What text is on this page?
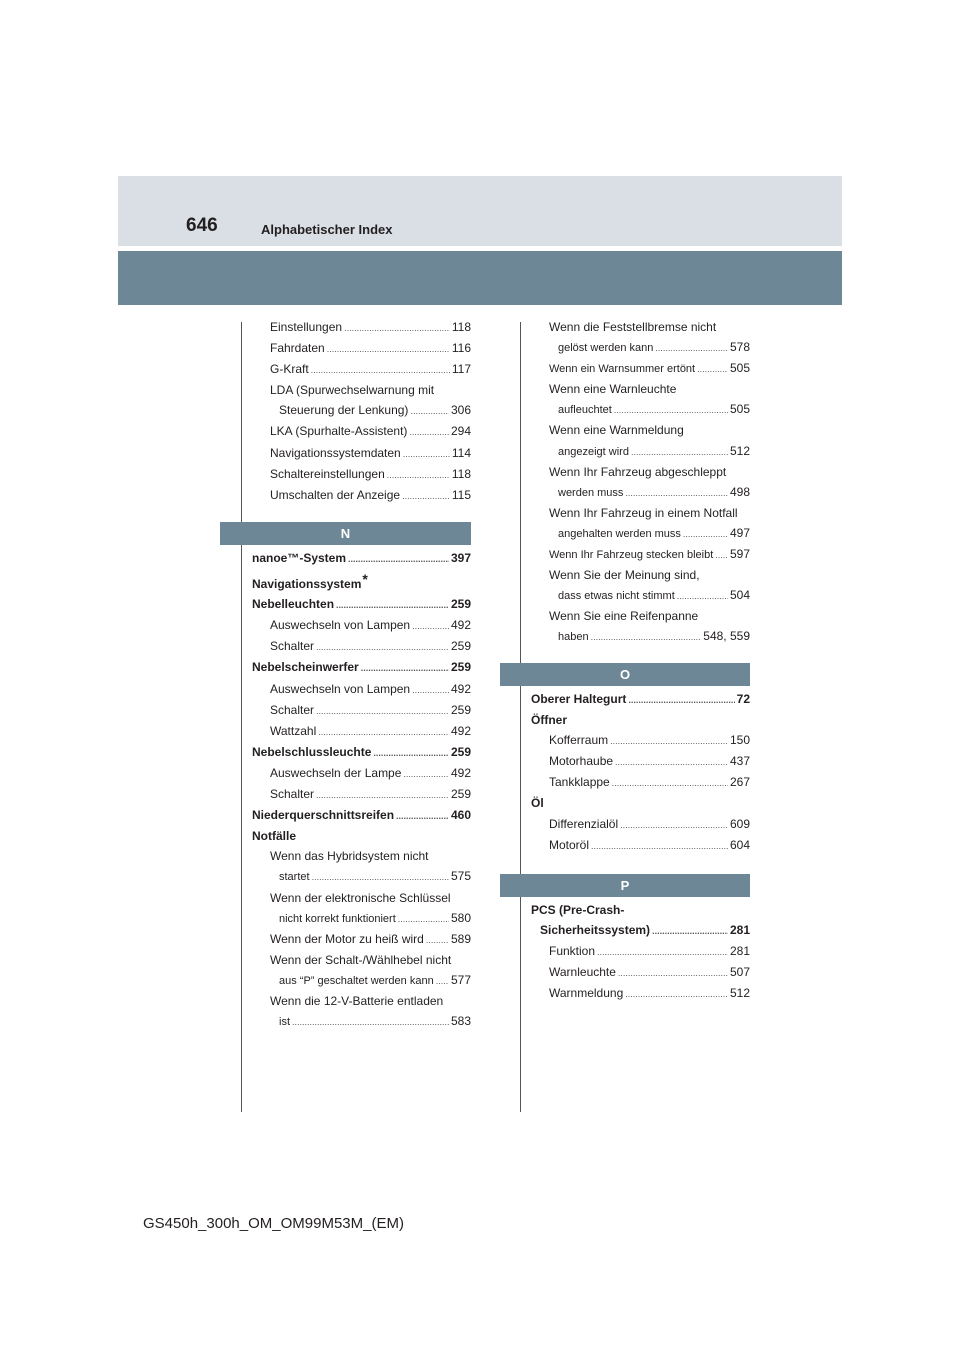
646	Alphabetischer Index
Einstellungen .....	118
Fahrdaten .....	116
G-Kraft .....	117
LDA (Spurwechselwarnung mit
Steuerung der Lenkung) .....	306
LKA (Spurhalte-Assistent) .....	294
Navigationssystemdaten .....	114
Schaltereinstellungen .....	118
Umschalten der Anzeige .....	115
N
nanoe™-System .....	397
Navigationssystem*
Nebelleuchten .....	259
Auswechseln von Lampen .....	492
Schalter .....	259
Nebelscheinwerfer .....	259
Auswechseln von Lampen .....	492
Schalter .....	259
Wattzahl .....	492
Nebelschlussleuchte .....	259
Auswechseln der Lampe .....	492
Schalter .....	259
Niederquerschnittsreifen .....	460
Notfälle
Wenn das Hybridsystem nicht
startet .....	575
Wenn der elektronische Schlüssel
nicht korrekt funktioniert .....	580
Wenn der Motor zu heiß wird ..... 589
Wenn der Schalt-/Wählhebel nicht
aus “P” geschaltet werden kann ..... 577
Wenn die 12-V-Batterie entladen
ist .....	583
Wenn die Feststellbremse nicht
gelöst werden kann .....	578
Wenn ein Warnsummer ertönt .....	505
Wenn eine Warnleuchte
aufleuchtet .....	505
Wenn eine Warnmeldung
angezeigt wird .....	512
Wenn Ihr Fahrzeug abgeschleppt
werden muss .....	498
Wenn Ihr Fahrzeug in einem Notfall
angehalten werden muss .....	497
Wenn Ihr Fahrzeug stecken bleibt ..... 597
Wenn Sie der Meinung sind,
dass etwas nicht stimmt .....	504
Wenn Sie eine Reifenpanne
haben .....	548, 559
O
Oberer Haltegurt .....	72
Öffner
Kofferraum .....	150
Motorhaube .....	437
Tankklappe .....	267
Öl
Differenzialöl .....	609
Motoröl .....	604
P
PCS (Pre-Crash-
Sicherheitssystem) .....	281
Funktion .....	281
Warnleuchte .....	507
Warnmeldung .....	512
GS450h_300h_OM_OM99M53M_(EM)
